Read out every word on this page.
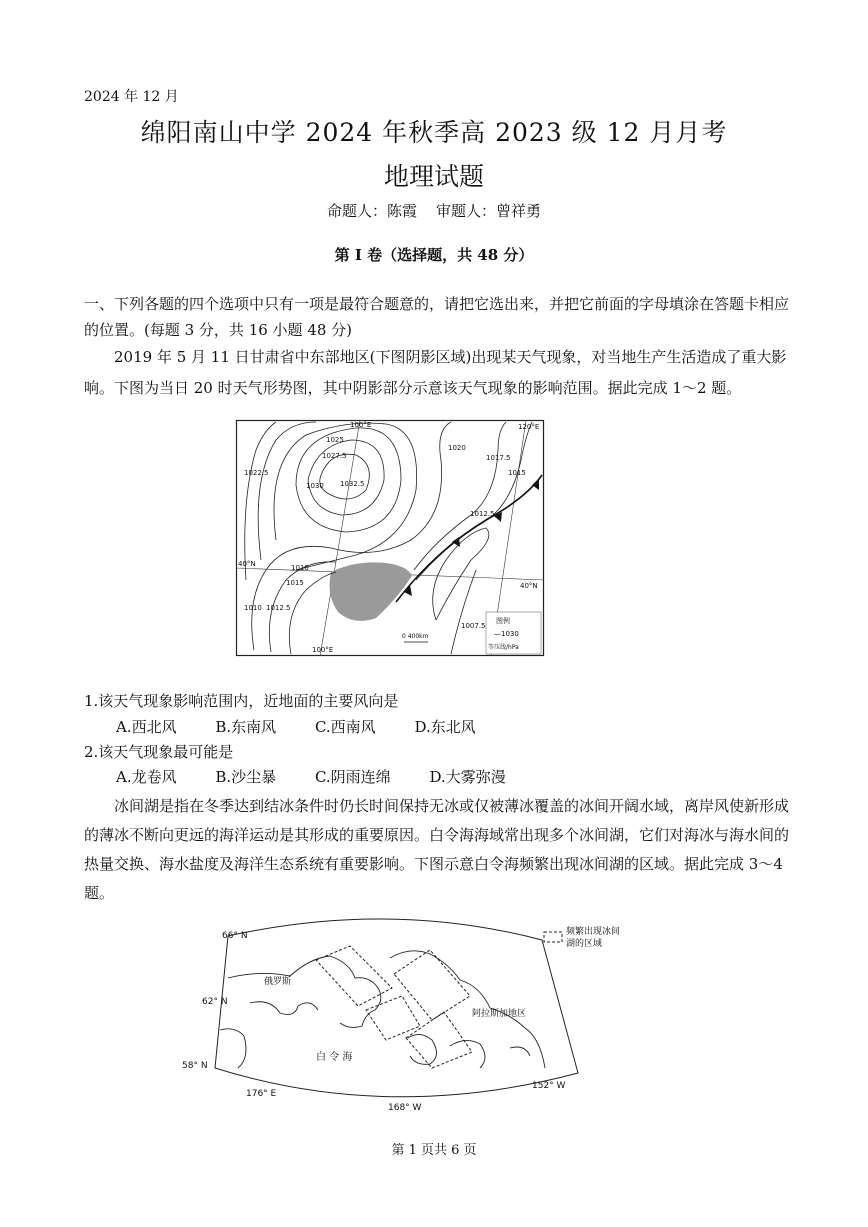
2024 年 12 月
绵阳南山中学 2024 年秋季高 2023 级 12 月月考
地理试题
命题人：陈霞    审题人：曾祥勇
第 I 卷（选择题，共 48 分）
一、下列各题的四个选项中只有一项是最符合题意的，请把它选出来，并把它前面的字母填涂在答题卡相应的位置。(每题 3 分，共 16 小题 48 分)
2019 年 5 月 11 日甘肃省中东部地区(下图阴影区域)出现某天气现象，对当地生产生活造成了重大影响。下图为当日 20 时天气形势图，其中阴影部分示意该天气现象的影响范围。据此完成 1～2 题。
100°E	120°E
100°E
40°N
40°N
1025
1027.5
1030 1032.5
1022.5
1020
1017.5
1015
1012.5
1010
1015
1012.5
1010
1007.5
0 400km
图例
—1030
等压线/hPa
1.该天气现象影响范围内，近地面的主要风向是
A.西北风	B.东南风	C.西南风	D.东北风
2.该天气现象最可能是
A.龙卷风	B.沙尘暴	C.阴雨连绵	D.大雾弥漫
冰间湖是指在冬季达到结冰条件时仍长时间保持无冰或仅被薄冰覆盖的冰间开阔水域，离岸风使新形成的薄冰不断向更远的海洋运动是其形成的重要原因。白令海海域常出现多个冰间湖，它们对海冰与海水间的热量交换、海水盐度及海洋生态系统有重要影响。下图示意白令海频繁出现冰间湖的区域。据此完成 3～4 题。
频繁出现冰间湖的区域
66° N
62° N
58° N
176° E
168° W
152° W
俄罗斯
阿拉斯加地区
白 令 海
第 1 页共 6 页
